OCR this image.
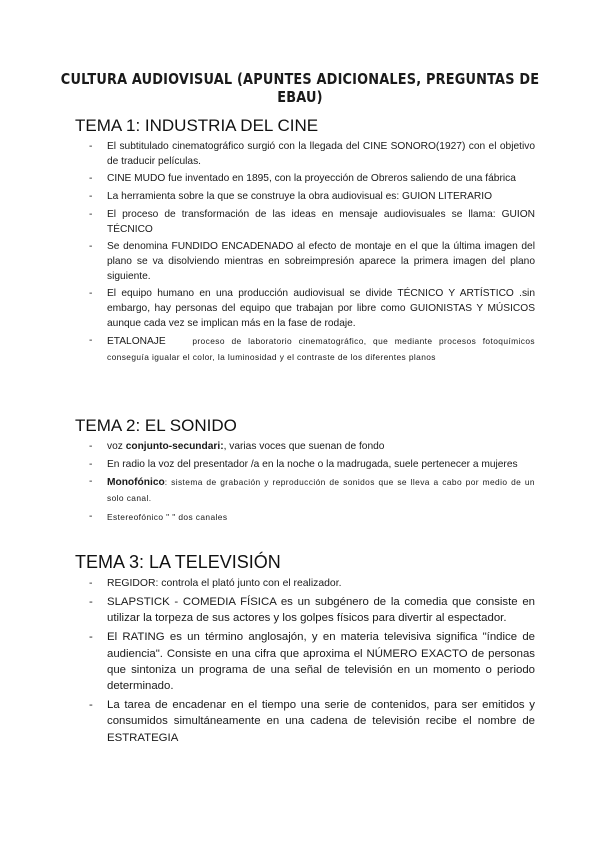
CULTURA AUDIOVISUAL (APUNTES ADICIONALES, PREGUNTAS DE EBAU)
TEMA 1: INDUSTRIA DEL CINE
- El subtitulado cinematográfico surgió con la llegada del CINE SONORO(1927) con el objetivo de traducir películas.
- CINE MUDO fue inventado en 1895, con la proyección de Obreros saliendo de una fábrica
- La herramienta sobre la que se construye la obra audiovisual es: GUION LITERARIO
- El proceso de transformación de las ideas en mensaje audiovisuales se llama: GUION TÉCNICO
- Se denomina FUNDIDO ENCADENADO al efecto de montaje en el que la última imagen del plano se va disolviendo mientras en sobreimpresión aparece la primera imagen del plano siguiente.
- El equipo humano en una producción audiovisual se divide TÉCNICO Y ARTÍSTICO .sin embargo, hay personas del equipo que trabajan por libre como GUIONISTAS Y MÚSICOS aunque cada vez se implican más en la fase de rodaje.
- ETALONAJE	proceso de laboratorio cinematográfico, que mediante procesos fotoquímicos conseguía igualar el color, la luminosidad y el contraste de los diferentes planos
TEMA 2: EL SONIDO
- voz conjunto-secundari:, varias voces que suenan de fondo
- En radio la voz del presentador /a en la noche o la madrugada, suele pertenecer a mujeres
- Monofónico: sistema de grabación y reproducción de sonidos que se lleva a cabo por medio de un solo canal.
- Estereofónico " " dos canales
TEMA 3: LA TELEVISIÓN
- REGIDOR: controla el plató junto con el realizador.
- SLAPSTICK - COMEDIA FÍSICA es un subgénero de la comedia que consiste en utilizar la torpeza de sus actores y los golpes físicos para divertir al espectador.
- El RATING es un término anglosajón, y en materia televisiva significa "índice de audiencia". Consiste en una cifra que aproxima el NÚMERO EXACTO de personas que sintoniza un programa de una señal de televisión en un momento o periodo determinado.
- La tarea de encadenar en el tiempo una serie de contenidos, para ser emitidos y consumidos simultáneamente en una cadena de televisión recibe el nombre de ESTRATEGIA
